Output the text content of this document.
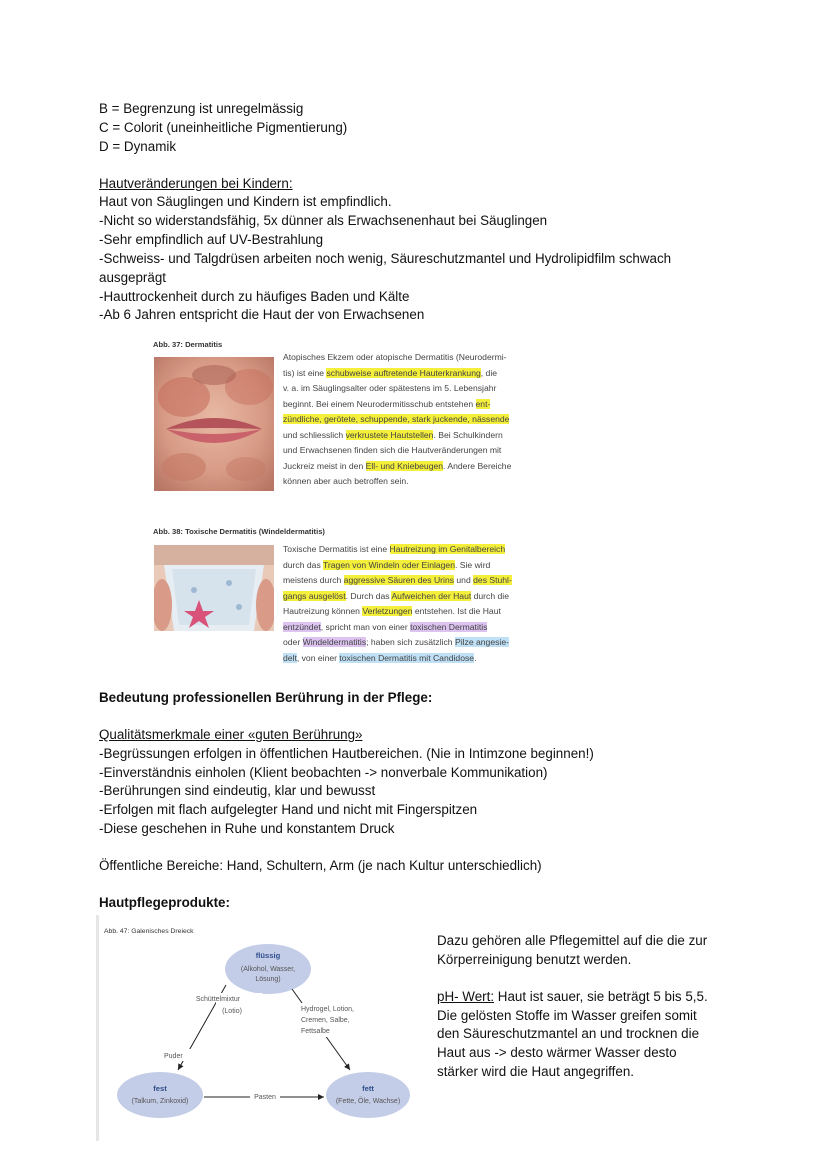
B = Begrenzung ist unregelmässig
C = Colorit (uneinheitliche Pigmentierung)
D = Dynamik
Hautveränderungen bei Kindern:
Haut von Säuglingen und Kindern ist empfindlich.
-Nicht so widerstandsfähig, 5x dünner als Erwachsenenhaut bei Säuglingen
-Sehr empfindlich auf UV-Bestrahlung
-Schweiss- und Talgdrüsen arbeiten noch wenig, Säureschutzmantel und Hydrolipidfilm schwach
ausgeprägt
-Hauttrockenheit durch zu häufiges Baden und Kälte
-Ab 6 Jahren entspricht die Haut der von Erwachsenen
Abb. 37: Dermatitis
Atopisches Ekzem oder atopische Dermatitis (Neurodermi-
tis) ist eine schubweise auftretende Hauterkrankung, die
v. a. im Säuglingsalter oder spätestens im 5. Lebensjahr
beginnt. Bei einem Neurodermitisschub entstehen ent-
zündliche, gerötete, schuppende, stark juckende, nässende
und schliesslich verkrustete Hautstellen. Bei Schulkindern
und Erwachsenen finden sich die Hautveränderungen mit
Juckreiz meist in den Ell- und Kniebeugen. Andere Bereiche
können aber auch betroffen sein.
Abb. 38: Toxische Dermatitis (Windeldermatitis)
Toxische Dermatitis ist eine Hautreizung im Genitalbereich
durch das Tragen von Windeln oder Einlagen. Sie wird
meistens durch aggressive Säuren des Urins und des Stuhl-
gangs ausgelöst. Durch das Aufweichen der Haut durch die
Hautreizung können Verletzungen entstehen. Ist die Haut
entzündet, spricht man von einer toxischen Dermatitis
oder Windeldermatitis; haben sich zusätzlich Pilze angesie-
delt, von einer toxischen Dermatitis mit Candidose.
Bedeutung professionellen Berührung in der Pflege:
Qualitätsmerkmale einer «guten Berührung»
-Begrüssungen erfolgen in öffentlichen Hautbereichen. (Nie in Intimzone beginnen!)
-Einverständnis einholen (Klient beobachten -> nonverbale Kommunikation)
-Berührungen sind eindeutig, klar und bewusst
-Erfolgen mit flach aufgelegter Hand und nicht mit Fingerspitzen
-Diese geschehen in Ruhe und konstantem Druck
Öffentliche Bereiche: Hand, Schultern, Arm (je nach Kultur unterschiedlich)
Hautpflegeprodukte:
Abb. 47: Galenisches Dreieck
flüssig
(Alkohol, Wasser,
Lösung)
fest
(Talkum, Zinkoxid)
fett
(Fette, Öle, Wachse)
Schüttelmixtur
(Lotio)	Hydrogel, Lotion,
Cremen, Salbe,
Fettsalbe
Puder
Pasten
Dazu gehören alle Pflegemittel auf die die zur
Körperreinigung benutzt werden.
pH- Wert: Haut ist sauer, sie beträgt 5 bis 5,5.
Die gelösten Stoffe im Wasser greifen somit
den Säureschutzmantel an und trocknen die
Haut aus -> desto wärmer Wasser desto
stärker wird die Haut angegriffen.
